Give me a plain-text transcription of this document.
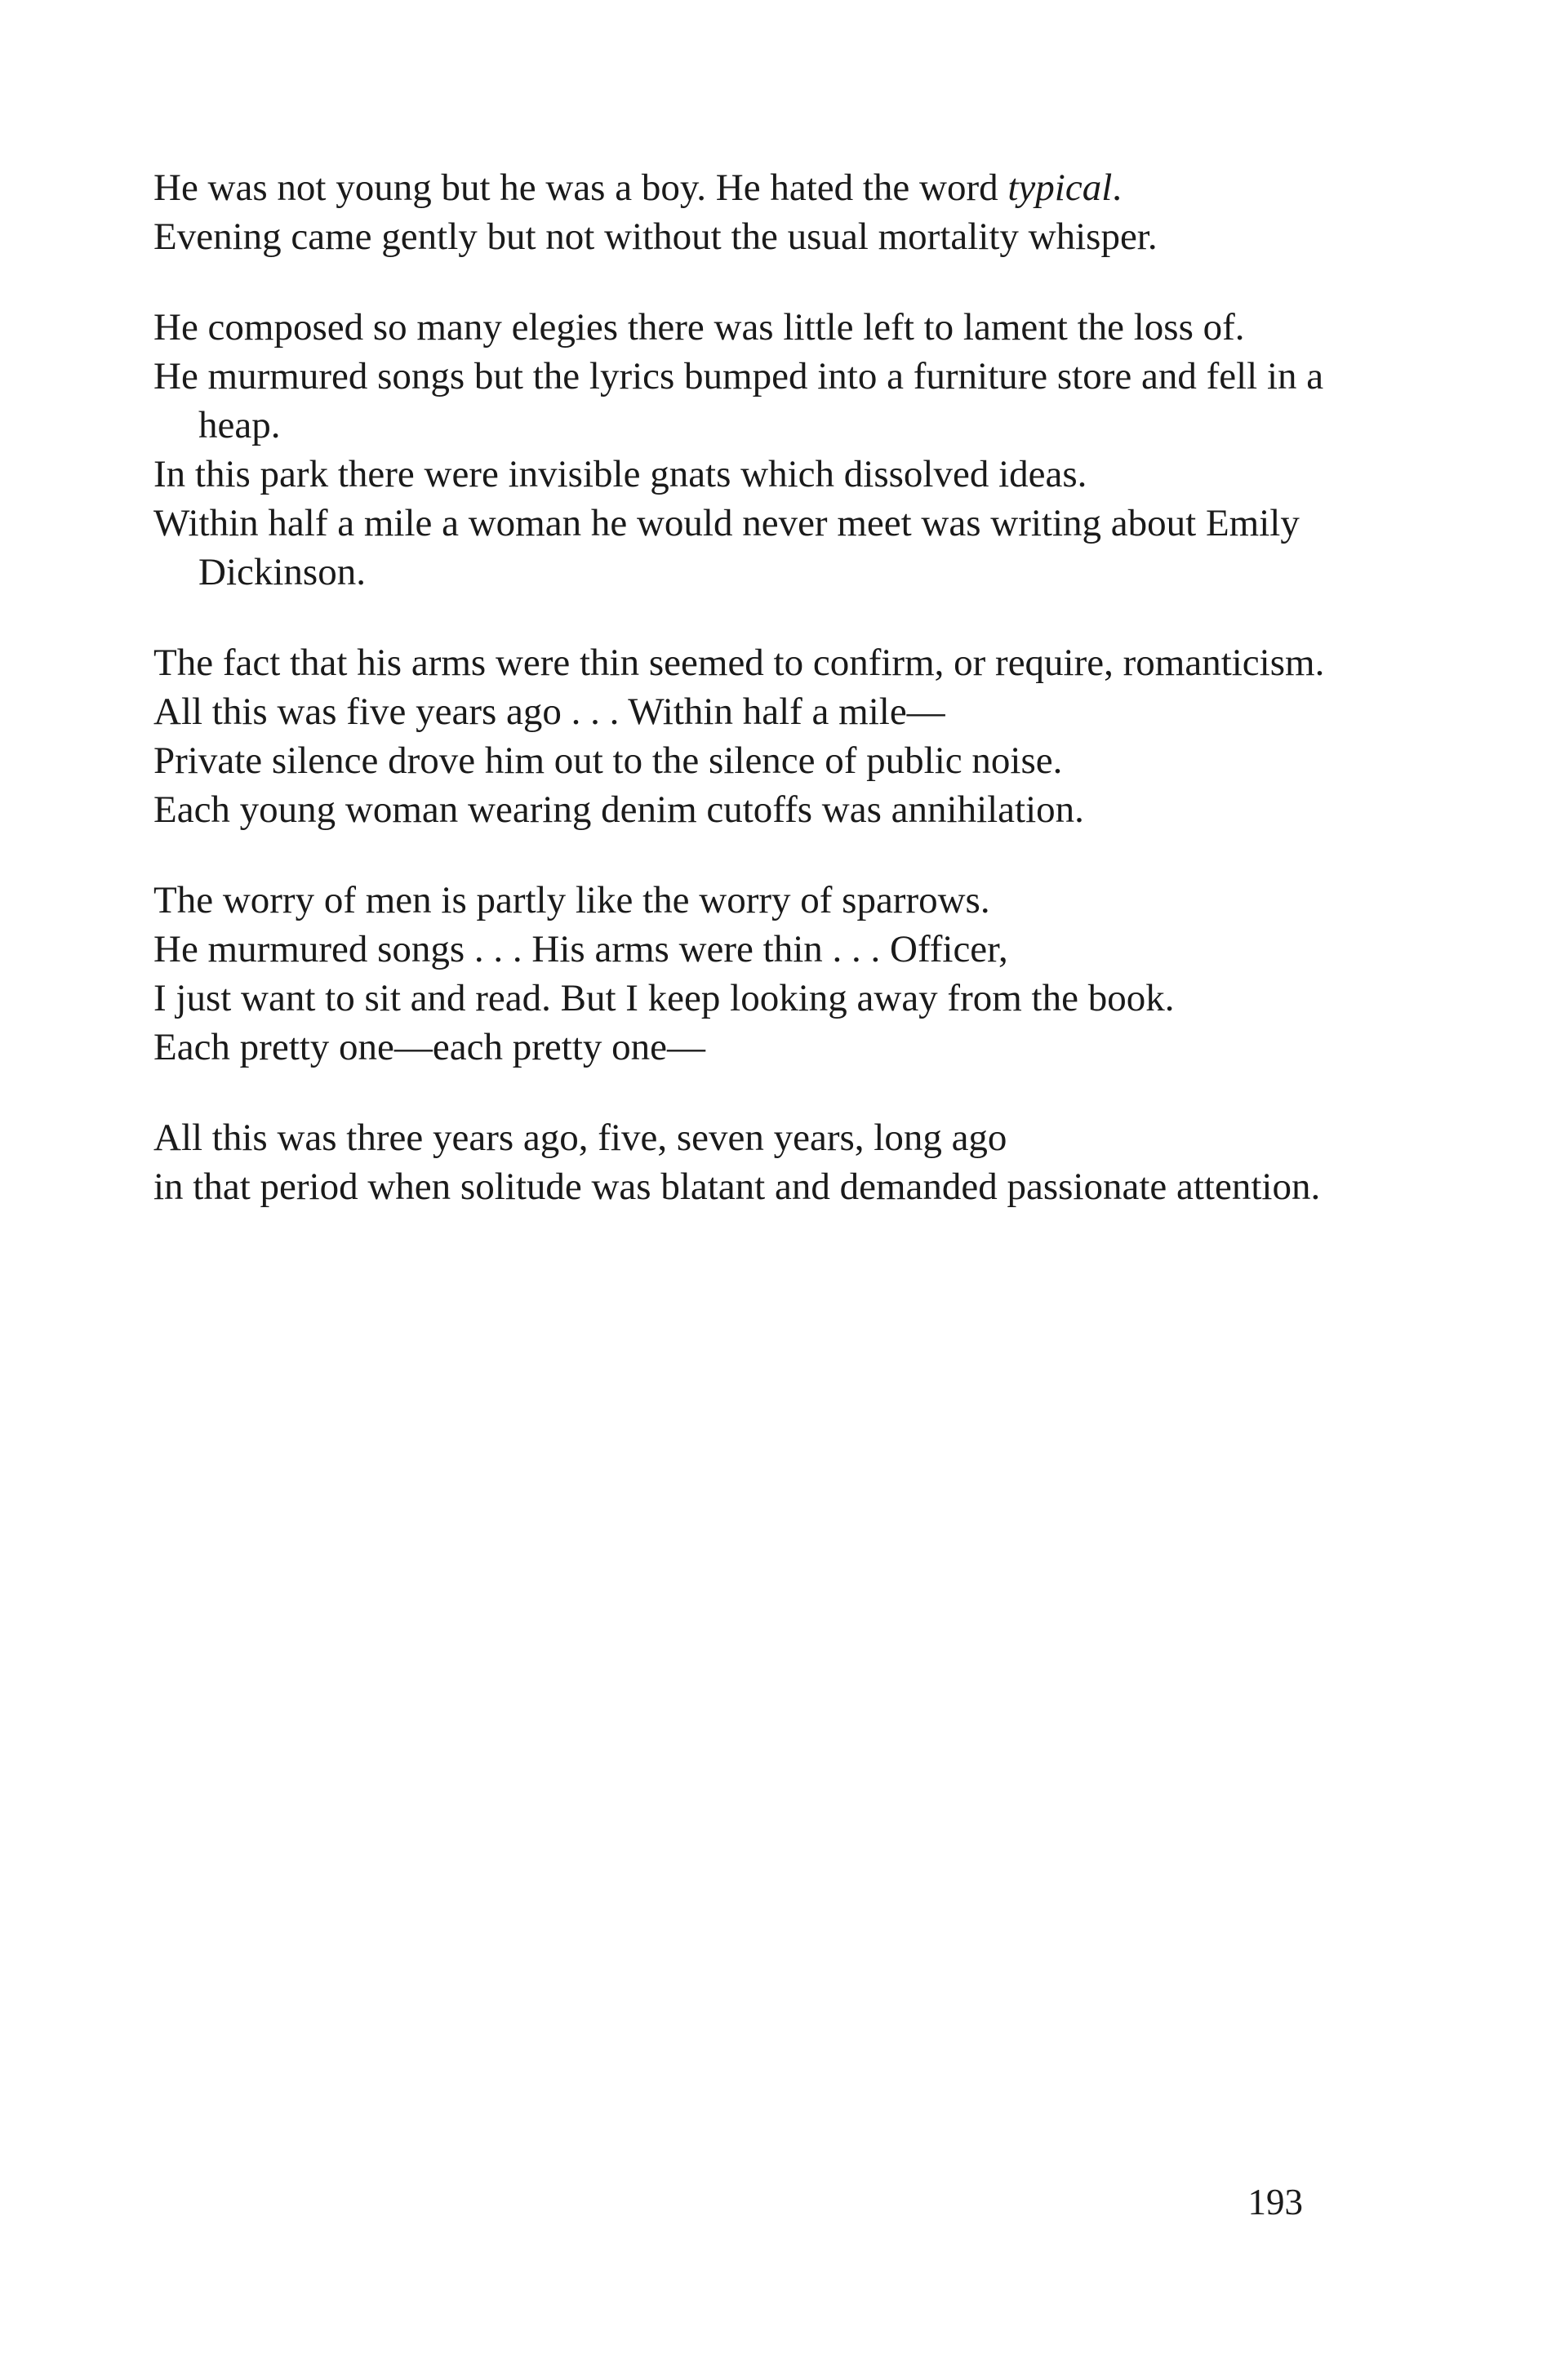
He was not young but he was a boy. He hated the word typical.
Evening came gently but not without the usual mortality whisper.
He composed so many elegies there was little left to lament the loss of.
He murmured songs but the lyrics bumped into a furniture store and fell in a heap.
In this park there were invisible gnats which dissolved ideas.
Within half a mile a woman he would never meet was writing about Emily Dickinson.
The fact that his arms were thin seemed to confirm, or require, romanticism.
All this was five years ago . . . Within half a mile—
Private silence drove him out to the silence of public noise.
Each young woman wearing denim cutoffs was annihilation.
The worry of men is partly like the worry of sparrows.
He murmured songs . . . His arms were thin . . . Officer,
I just want to sit and read. But I keep looking away from the book.
Each pretty one—each pretty one—
All this was three years ago, five, seven years, long ago
in that period when solitude was blatant and demanded passionate attention.
193
